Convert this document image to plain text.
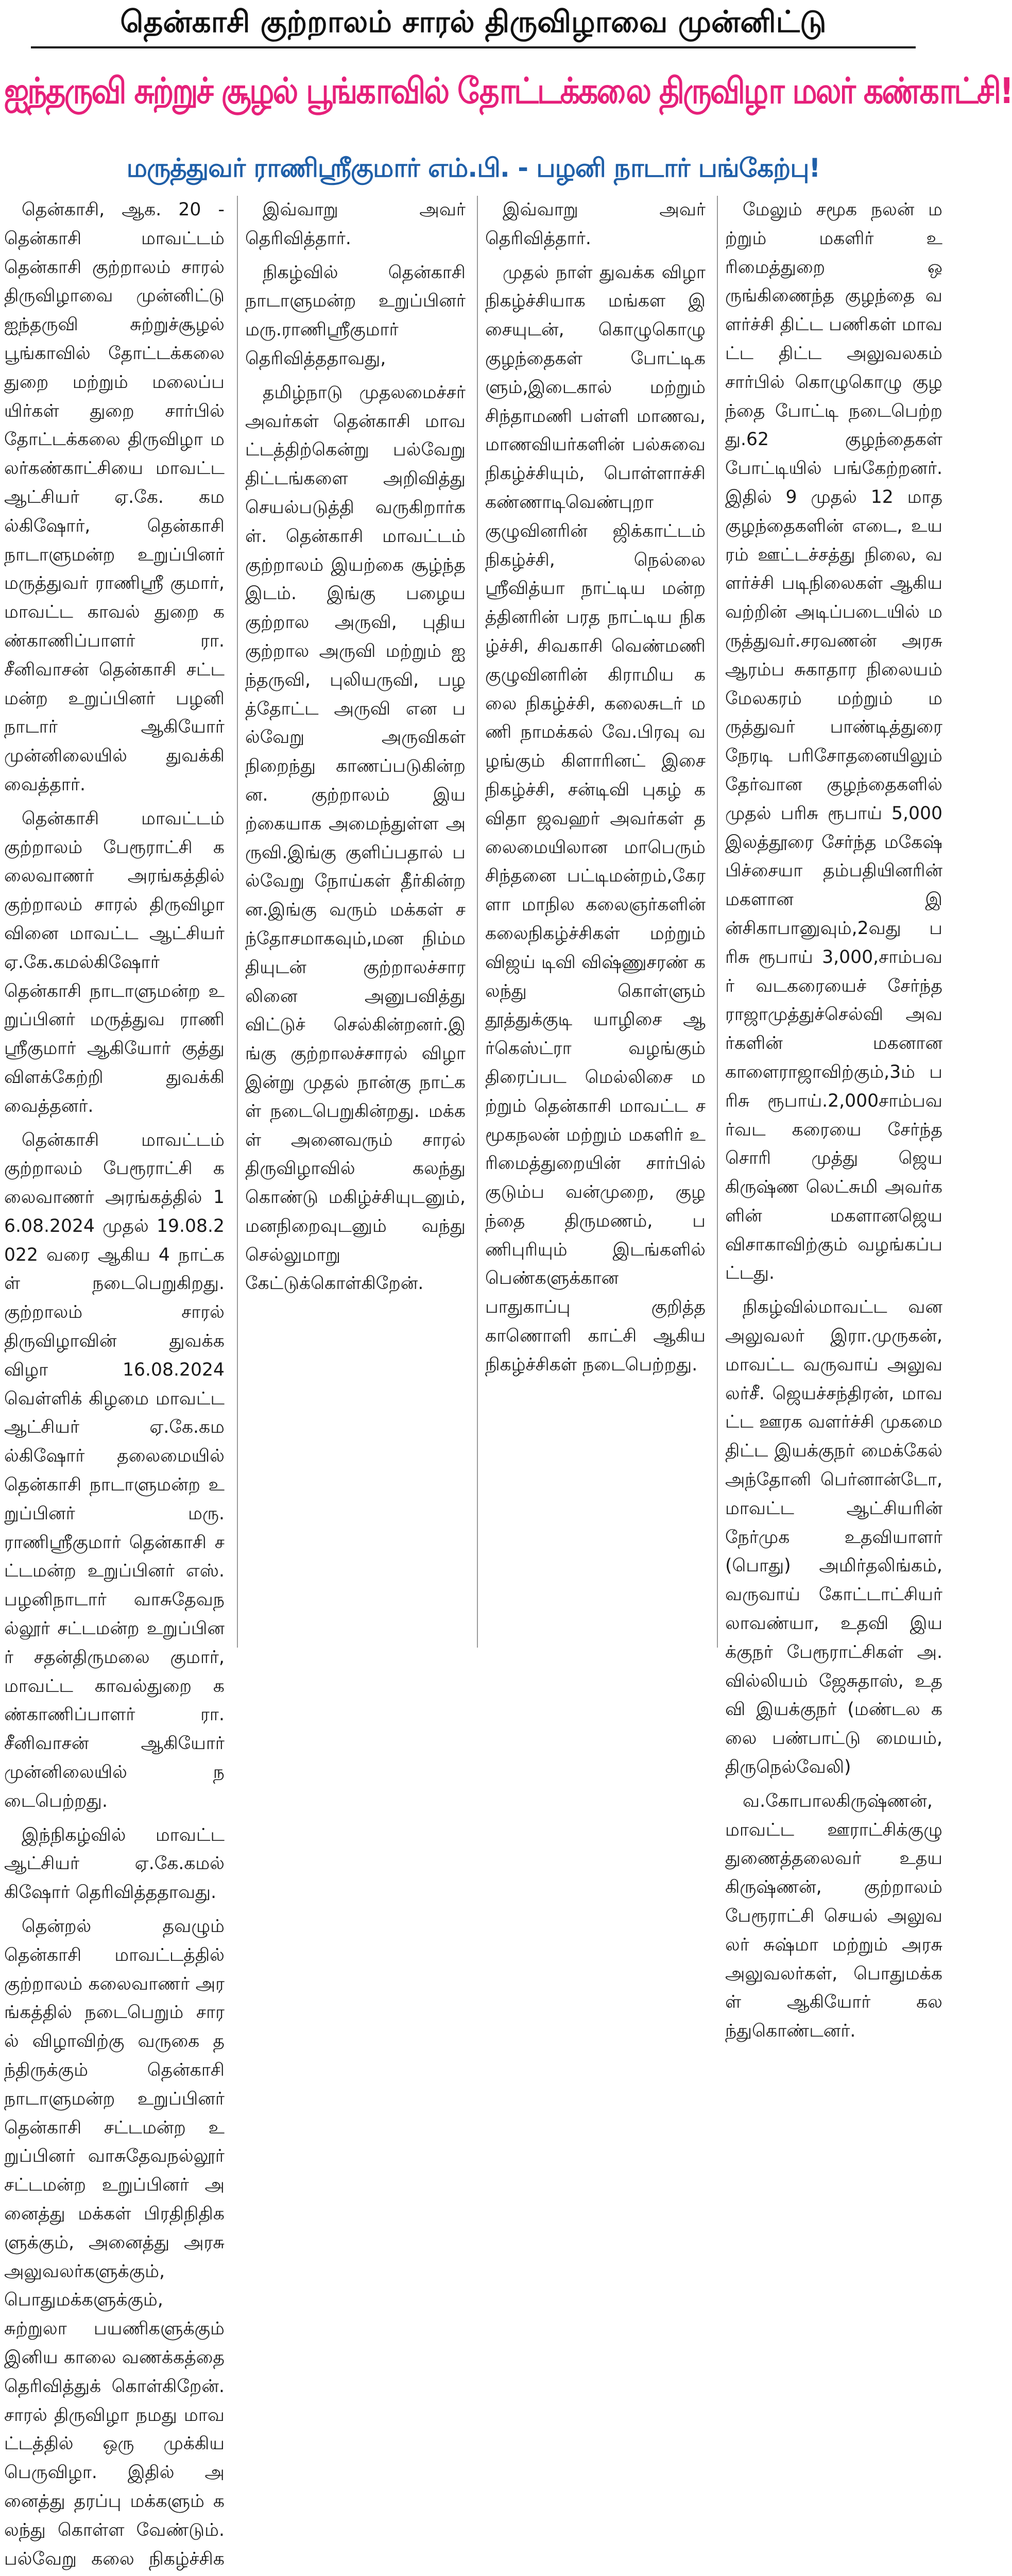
தென்காசி குற்றாலம் சாரல் திருவிழாவை முன்னிட்டு
ஐந்தருவி சுற்றுச் சூழல் பூங்காவில் தோட்டக்கலை திருவிழா மலர் கண்காட்சி!
மருத்துவர் ராணிஸ்ரீகுமார் எம்.பி. - பழனி நாடார் பங்கேற்பு!

தென்காசி, ஆக. 20 - தென்காசி மாவட்டம் தென்காசி குற்றாலம் சாரல் திருவிழாவை முன்னிட்டு ஐந்தருவி சுற்றுச்சூழல் பூங்காவில் தோட்டக்கலை துறை மற்றும் மலைப்பயிர்கள் துறை சார்பில் தோட்டக்கலை திருவிழா மலர்கண்காட்சியை மாவட்ட ஆட்சியர் ஏ.கே. கமல்கிஷோர், தென்காசி நாடாளுமன்ற உறுப்பினர் மருத்துவர் ராணிஸ்ரீ குமார், மாவட்ட காவல் துறை கண்காணிப்பாளர் ரா.சீனிவாசன் தென்காசி சட்டமன்ற உறுப்பினர் பழனி நாடார் ஆகியோர் முன்னிலையில் துவக்கி வைத்தார்.

தென்காசி மாவட்டம் குற்றாலம் பேரூராட்சி கலைவாணர் அரங்கத்தில் குற்றாலம் சாரல் திருவிழா வினை மாவட்ட ஆட்சியர் ஏ.கே.கமல்கிஷோர் தென்காசி நாடாளுமன்ற உறுப்பினர் மருத்துவ ராணி ஸ்ரீகுமார் ஆகியோர் குத்து விளக்கேற்றி துவக்கி வைத்தனர்.

தென்காசி மாவட்டம் குற்றாலம் பேரூராட்சி கலைவாணர் அரங்கத்தில் 16.08.2024 முதல் 19.08.2022 வரை ஆகிய 4 நாட்கள் நடைபெறுகிறது. குற்றாலம் சாரல் திருவிழாவின் துவக்க விழா 16.08.2024 வெள்ளிக் கிழமை மாவட்ட ஆட்சியர் ஏ.கே.கமல்கிஷோர் தலைமையில் தென்காசி நாடாளுமன்ற உறுப்பினர் மரு.ராணிஸ்ரீகுமார் தென்காசி சட்டமன்ற உறுப்பினர் எஸ்.பழனிநாடார் வாசுதேவநல்லூர் சட்டமன்ற உறுப்பினர் சதன்திருமலை குமார்,மாவட்ட காவல்துறை கண்காணிப்பாளர் ரா.சீனிவாசன் ஆகியோர் முன்னிலையில் நடைபெற்றது.

இந்நிகழ்வில் மாவட்ட ஆட்சியர் ஏ.கே.கமல் கிஷோர் தெரிவித்ததாவது.

தென்றல் தவழும் தென்காசி மாவட்டத்தில் குற்றாலம் கலைவாணர் அரங்கத்தில் நடைபெறும் சாரல் விழாவிற்கு வருகை தந்திருக்கும் தென்காசி நாடாளுமன்ற உறுப்பினர் தென்காசி சட்டமன்ற உறுப்பினர் வாசுதேவநல்லூர் சட்டமன்ற உறுப்பினர் அனைத்து மக்கள் பிரதிநிதிகளுக்கும், அனைத்து அரசு அலுவலர்களுக்கும், பொதுமக்களுக்கும், சுற்றுலா பயணிகளுக்கும் இனிய காலை வணக்கத்தை தெரிவித்துக் கொள்கிறேன்.சாரல் திருவிழா நமது மாவட்டத்தில் ஒரு முக்கிய பெருவிழா. இதில் அனைத்து தரப்பு மக்களும் கலந்து கொள்ள வேண்டும்.பல்வேறு கலை நிகழ்ச்சிக

இவ்வாறு அவர் தெரிவித்தார்.

நிகழ்வில் தென்காசி நாடாளுமன்ற உறுப்பினர் மரு.ராணிஸ்ரீகுமார் தெரிவித்ததாவது,

தமிழ்நாடு முதலமைச்சர் அவர்கள் தென்காசி மாவட்டத்திற்கென்று பல்வேறு திட்டங்களை அறிவித்து செயல்படுத்தி வருகிறார்கள். தென்காசி மாவட்டம் குற்றாலம் இயற்கை சூழ்ந்த இடம். இங்கு பழைய குற்றால அருவி, புதிய குற்றால அருவி மற்றும் ஐந்தருவி, புலியருவி, பழத்தோட்ட அருவி என பல்வேறு அருவிகள் நிறைந்து காணப்படுகின்றன. குற்றாலம் இயற்கையாக அமைந்துள்ள அருவி.இங்கு குளிப்பதால் பல்வேறு நோய்கள் தீர்கின்றன.இங்கு வரும் மக்கள் சந்தோசமாகவும்,மன நிம்மதியுடன் குற்றாலச்சாரலினை அனுபவித்து விட்டுச் செல்கின்றனர்.இங்கு குற்றாலச்சாரல் விழா இன்று முதல் நான்கு நாட்கள் நடைபெறுகின்றது. மக்கள் அனைவரும் சாரல் திருவிழாவில் கலந்து கொண்டு மகிழ்ச்சியுடனும், மனநிறைவுடனும் வந்து செல்லுமாறு கேட்டுக்கொள்கிறேன்.

இவ்வாறு அவர் தெரிவித்தார்.

முதல் நாள் துவக்க விழா நிகழ்ச்சியாக மங்கள இசையுடன், கொழுகொழு குழந்தைகள் போட்டிகளும்,இடைகால் மற்றும் சிந்தாமணி பள்ளி மாணவ, மாணவியர்களின் பல்சுவை நிகழ்ச்சியும், பொள்ளாச்சி கண்ணாடிவெண்புறா குழுவினரின் ஜிக்காட்டம் நிகழ்ச்சி, நெல்லை ஸ்ரீவித்யா நாட்டிய மன்றத்தினரின் பரத நாட்டிய நிகழ்ச்சி, சிவகாசி வெண்மணி குழுவினரின் கிராமிய கலை நிகழ்ச்சி, கலைசுடர் மணி நாமக்கல் வே.பிரவு வழங்கும் கிளாரினட் இசை நிகழ்ச்சி, சன்டிவி புகழ் கவிதா ஜவஹர் அவர்கள் தலைமையிலான மாபெரும் சிந்தனை பட்டிமன்றம்,கேரளா மாநில கலைஞர்களின் கலைநிகழ்ச்சிகள் மற்றும் விஜய் டிவி விஷ்ணுசரண் கலந்து கொள்ளும் தூத்துக்குடி யாழிசை ஆர்கெஸ்ட்ரா வழங்கும் திரைப்பட மெல்லிசை மற்றும் தென்காசி மாவட்ட சமூகநலன் மற்றும் மகளிர் உரிமைத்துறையின் சார்பில் குடும்ப வன்முறை, குழந்தை திருமணம், பணிபுரியும் இடங்களில் பெண்களுக்கான பாதுகாப்பு குறித்த காணொளி காட்சி ஆகிய நிகழ்ச்சிகள் நடைபெற்றது.

மேலும் சமூக நலன் மற்றும் மகளிர் உரிமைத்துறை ஒருங்கிணைந்த குழந்தை வளர்ச்சி திட்ட பணிகள் மாவட்ட திட்ட அலுவலகம் சார்பில் கொழுகொழு குழந்தை போட்டி நடைபெற்றது.62 குழந்தைகள் போட்டியில் பங்கேற்றனர்.இதில் 9 முதல் 12 மாத குழந்தைகளின் எடை, உயரம் ஊட்டச்சத்து நிலை, வளர்ச்சி படிநிலைகள் ஆகியவற்றின் அடிப்படையில் மருத்துவர்.சரவணன் அரசு ஆரம்ப சுகாதார நிலையம் மேலகரம் மற்றும் மருத்துவர் பாண்டித்துரை நேரடி பரிசோதனையிலும் தேர்வான குழந்தைகளில் முதல் பரிசு ரூபாய் 5,000 இலத்தூரை சேர்ந்த மகேஷ் பிச்சையா தம்பதியினரின் மகளான இன்சிகாபானுவும்,2வது பரிசு ரூபாய் 3,000,சாம்பவர் வடகரையைச் சேர்ந்த ராஜாமுத்துச்செல்வி அவர்களின் மகனான காளைராஜாவிற்கும்,3ம் பரிசு ரூபாய்.2,000சாம்பவர்வட கரையை சேர்ந்த சொரி முத்து ஜெயகிருஷ்ண லெட்சுமி அவர்களின் மகளானஜெயவிசாகாவிற்கும் வழங்கப்பட்டது.

நிகழ்வில்மாவட்ட வன அலுவலர் இரா.முருகன், மாவட்ட வருவாய் அலுவலர்சீ. ஜெயச்சந்திரன், மாவட்ட ஊரக வளர்ச்சி முகமை திட்ட இயக்குநர் மைக்கேல் அந்தோனி பெர்னான்டோ, மாவட்ட ஆட்சியரின் நேர்முக உதவியாளர் (பொது) அமிர்தலிங்கம், வருவாய் கோட்டாட்சியர் லாவண்யா, உதவி இயக்குநர் பேரூராட்சிகள் அ.வில்லியம் ஜேசுதாஸ், உதவி இயக்குநர் (மண்டல கலை பண்பாட்டு மையம், திருநெல்வேலி)

வ.கோபாலகிருஷ்ணன், மாவட்ட ஊராட்சிக்குழு துணைத்தலைவர் உதயகிருஷ்ணன், குற்றாலம் பேரூராட்சி செயல் அலுவலர் சுஷ்மா மற்றும் அரசு அலுவலர்கள், பொதுமக்கள் ஆகியோர் கலந்துகொண்டனர்.
